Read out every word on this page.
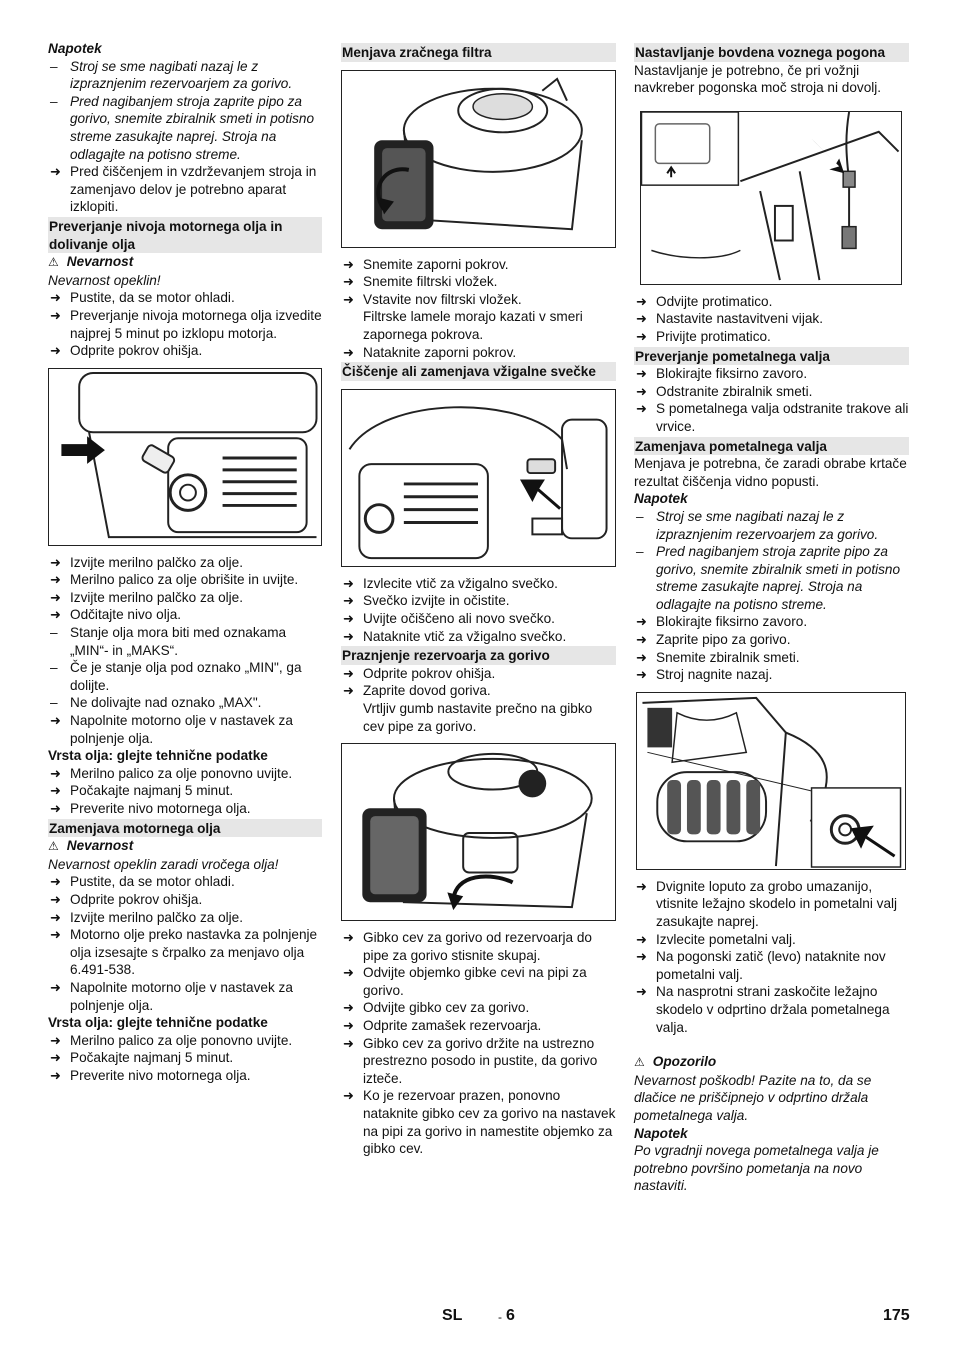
Napotek

– Stroj se sme nagibati nazaj le z izpraznjenim rezervoarjem za gorivo.

– Pred nagibanjem stroja zaprite pipo za gorivo, snemite zbiralnik smeti in potisno streme zasukajte naprej. Stroja na odlagajte na potisno streme.

➜ Pred čiščenjem in vzdrževanjem stroja in zamenjavo delov je potrebno aparat izklopiti.

Preverjanje nivoja motornega olja in dolivanje olja

⚠ Nevarnost

Nevarnost opeklin!

➜ Pustite, da se motor ohladi.

➜ Preverjanje nivoja motornega olja izvedite najprej 5 minut po izklopu motorja.

➜ Odprite pokrov ohišja.

➜ Izvijte merilno palčko za olje.

➜ Merilno palico za olje obrišite in uvijte.

➜ Izvijte merilno palčko za olje.

➜ Odčitajte nivo olja.

– Stanje olja mora biti med oznakama „MIN“- in „MAKS“.

– Če je stanje olja pod oznako „MIN", ga dolijte.

– Ne dolivajte nad oznako „MAX".

➜ Napolnite motorno olje v nastavek za polnjenje olja.

Vrsta olja: glejte tehnične podatke

➜ Merilno palico za olje ponovno uvijte.

➜ Počakajte najmanj 5 minut.

➜ Preverite nivo motornega olja.

Zamenjava motornega olja

⚠ Nevarnost

Nevarnost opeklin zaradi vročega olja!

➜ Pustite, da se motor ohladi.

➜ Odprite pokrov ohišja.

➜ Izvijte merilno palčko za olje.

➜ Motorno olje preko nastavka za polnjenje olja izsesajte s črpalko za menjavo olja 6.491-538.

➜ Napolnite motorno olje v nastavek za polnjenje olja.

Vrsta olja: glejte tehnične podatke

➜ Merilno palico za olje ponovno uvijte.

➜ Počakajte najmanj 5 minut.

➜ Preverite nivo motornega olja.

Menjava zračnega filtra

➜ Snemite zaporni pokrov.

➜ Snemite filtrski vložek.

➜ Vstavite nov filtrski vložek.

Filtrske lamele morajo kazati v smeri zapornega pokrova.

➜ Nataknite zaporni pokrov.

Čiščenje ali zamenjava vžigalne svečke

➜ Izvlecite vtič za vžigalno svečko.

➜ Svečko izvijte in očistite.

➜ Uvijte očiščeno ali novo svečko.

➜ Nataknite vtič za vžigalno svečko.

Praznjenje rezervoarja za gorivo

➜ Odprite pokrov ohišja.

➜ Zaprite dovod goriva.

Vrtljiv gumb nastavite prečno na gibko cev pipe za gorivo.

➜ Gibko cev za gorivo od rezervoarja do pipe za gorivo stisnite skupaj.

➜ Odvijte objemko gibke cevi na pipi za gorivo.

➜ Odvijte gibko cev za gorivo.

➜ Odprite zamašek rezervoarja.

➜ Gibko cev za gorivo držite na ustrezno prestrezno posodo in pustite, da gorivo izteče.

➜ Ko je rezervoar prazen, ponovno nataknite gibko cev za gorivo na nastavek na pipi za gorivo in namestite objemko za gibko cev.

Nastavljanje bovdena voznega pogona

Nastavljanje je potrebno, če pri vožnji navkreber pogonska moč stroja ni dovolj.

➜ Odvijte protimatico.

➜ Nastavite nastavitveni vijak.

➜ Privijte protimatico.

Preverjanje pometalnega valja

➜ Blokirajte fiksirno zavoro.

➜ Odstranite zbiralnik smeti.

➜ S pometalnega valja odstranite trakove ali vrvice.

Zamenjava pometalnega valja

Menjava je potrebna, če zaradi obrabe krtače rezultat čiščenja vidno popusti.

Napotek

– Stroj se sme nagibati nazaj le z izpraznjenim rezervoarjem za gorivo.

– Pred nagibanjem stroja zaprite pipo za gorivo, snemite zbiralnik smeti in potisno streme zasukajte naprej. Stroja na odlagajte na potisno streme.

➜ Blokirajte fiksirno zavoro.

➜ Zaprite pipo za gorivo.

➜ Snemite zbiralnik smeti.

➜ Stroj nagnite nazaj.

➜ Dvignite loputo za grobo umazanijo, vtisnite ležajno skodelo in pometalni valj zasukajte naprej.

➜ Izvlecite pometalni valj.

➜ Na pogonski zatič (levo) nataknite nov pometalni valj.

➜ Na nasprotni strani zaskočite ležajno skodelo v odprtino držala pometalnega valja.

⚠ Opozorilo

Nevarnost poškodb! Pazite na to, da se dlačice ne priščipnejo v odprtino držala pometalnega valja.

Napotek

Po vgradnji novega pometalnega valja je potrebno površino pometanja na novo nastaviti.

SL	- 6	175
